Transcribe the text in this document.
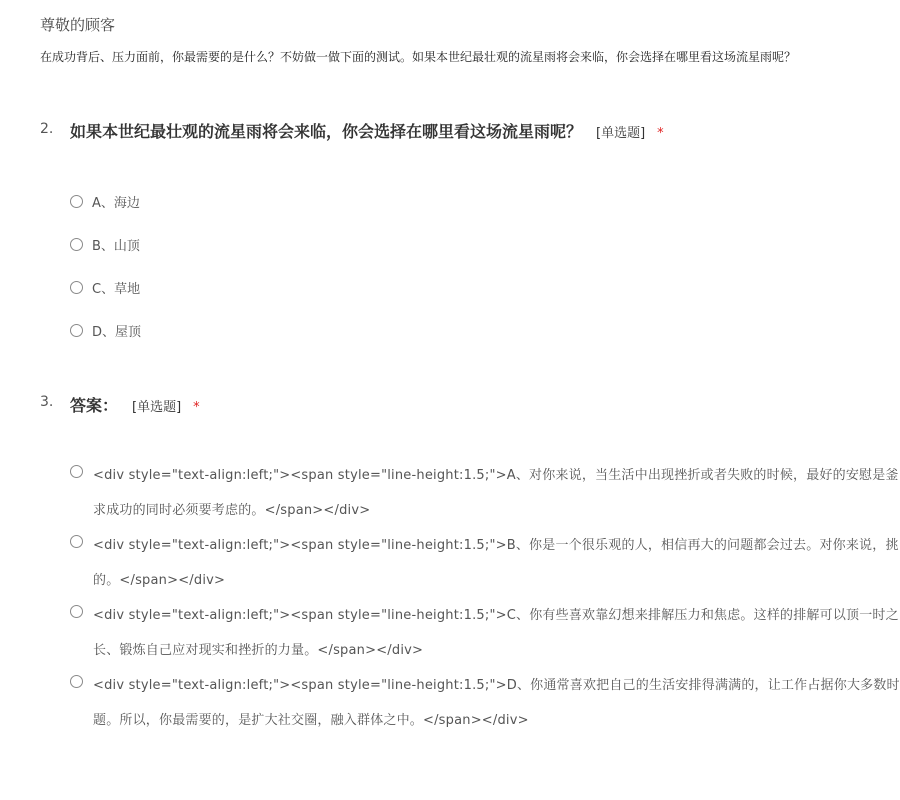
尊敬的顾客
在成功背后、压力面前，你最需要的是什么？不妨做一做下面的测试。如果本世纪最壮观的流星雨将会来临，你会选择在哪里看这场流星雨呢？
2. 如果本世纪最壮观的流星雨将会来临，你会选择在哪里看这场流星雨呢？ [单选题] *
A、海边
B、山顶
C、草地
D、屋顶
3. 答案： [单选题] *
<div style="text-align:left;"><span style="line-height:1.5;">A、对你来说，当生活中出现挫折或者失败的时候，最好的安慰是釜
求成功的同时必须要考虑的。</span></div>
<div style="text-align:left;"><span style="line-height:1.5;">B、你是一个很乐观的人，相信再大的问题都会过去。对你来说，挑
的。</span></div>
<div style="text-align:left;"><span style="line-height:1.5;">C、你有些喜欢靠幻想来排解压力和焦虑。这样的排解可以顶一时之
长、锻炼自己应对现实和挫折的力量。</span></div>
<div style="text-align:left;"><span style="line-height:1.5;">D、你通常喜欢把自己的生活安排得满满的，让工作占据你大多数时
题。所以，你最需要的，是扩大社交圈，融入群体之中。</span></div>
